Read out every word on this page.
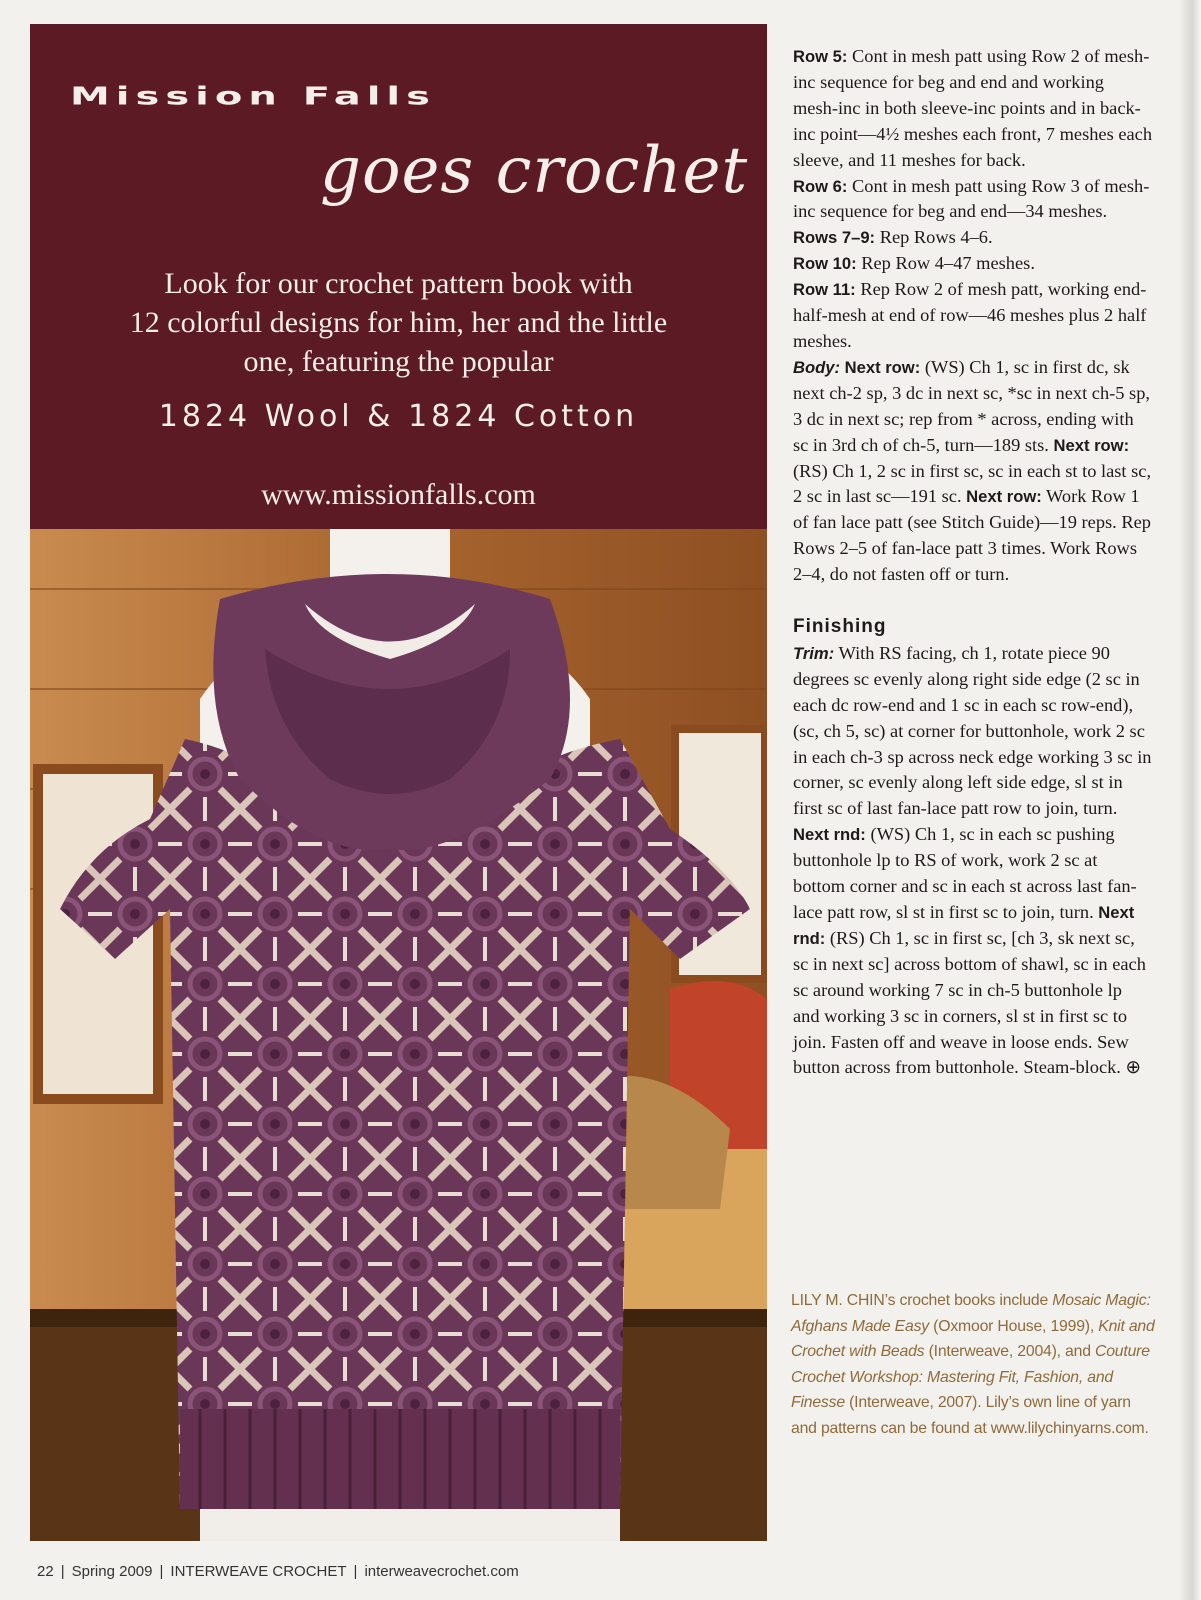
Mission Falls
goes crochet
Look for our crochet pattern book with
12 colorful designs for him, her and the little
one, featuring the popular
1824 Wool & 1824 Cotton
www.missionfalls.com

Row 5: Cont in mesh patt using Row 2 of mesh-inc sequence for beg and end and working mesh-inc in both sleeve-inc points and in back-inc point—4½ meshes each front, 7 meshes each sleeve, and 11 meshes for back.

Row 6: Cont in mesh patt using Row 3 of mesh-inc sequence for beg and end—34 meshes.

Rows 7–9: Rep Rows 4–6.

Row 10: Rep Row 4–47 meshes.

Row 11: Rep Row 2 of mesh patt, working end-half-mesh at end of row—46 meshes plus 2 half meshes.

Body: Next row: (WS) Ch 1, sc in first dc, sk next ch-2 sp, 3 dc in next sc, *sc in next ch-5 sp, 3 dc in next sc; rep from * across, ending with sc in 3rd ch of ch-5, turn—189 sts. Next row: (RS) Ch 1, 2 sc in first sc, sc in each st to last sc, 2 sc in last sc—191 sc. Next row: Work Row 1 of fan lace patt (see Stitch Guide)—19 reps. Rep Rows 2–5 of fan-lace patt 3 times. Work Rows 2–4, do not fasten off or turn.

Finishing

Trim: With RS facing, ch 1, rotate piece 90 degrees sc evenly along right side edge (2 sc in each dc row-end and 1 sc in each sc row-end), (sc, ch 5, sc) at corner for buttonhole, work 2 sc in each ch-3 sp across neck edge working 3 sc in corner, sc evenly along left side edge, sl st in first sc of last fan-lace patt row to join, turn. Next rnd: (WS) Ch 1, sc in each sc pushing buttonhole lp to RS of work, work 2 sc at bottom corner and sc in each st across last fan-lace patt row, sl st in first sc to join, turn. Next rnd: (RS) Ch 1, sc in first sc, [ch 3, sk next sc, sc in next sc] across bottom of shawl, sc in each sc around working 7 sc in ch-5 buttonhole lp and working 3 sc in corners, sl st in first sc to join. Fasten off and weave in loose ends. Sew button across from buttonhole. Steam-block. ⊕

LILY M. CHIN’s crochet books include Mosaic Magic: Afghans Made Easy (Oxmoor House, 1999), Knit and Crochet with Beads (Interweave, 2004), and Couture Crochet Workshop: Mastering Fit, Fashion, and Finesse (Interweave, 2007). Lily’s own line of yarn and patterns can be found at www.lilychinyarns.com.
22 | Spring 2009 | INTERWEAVE CROCHET | interweavecrochet.com
